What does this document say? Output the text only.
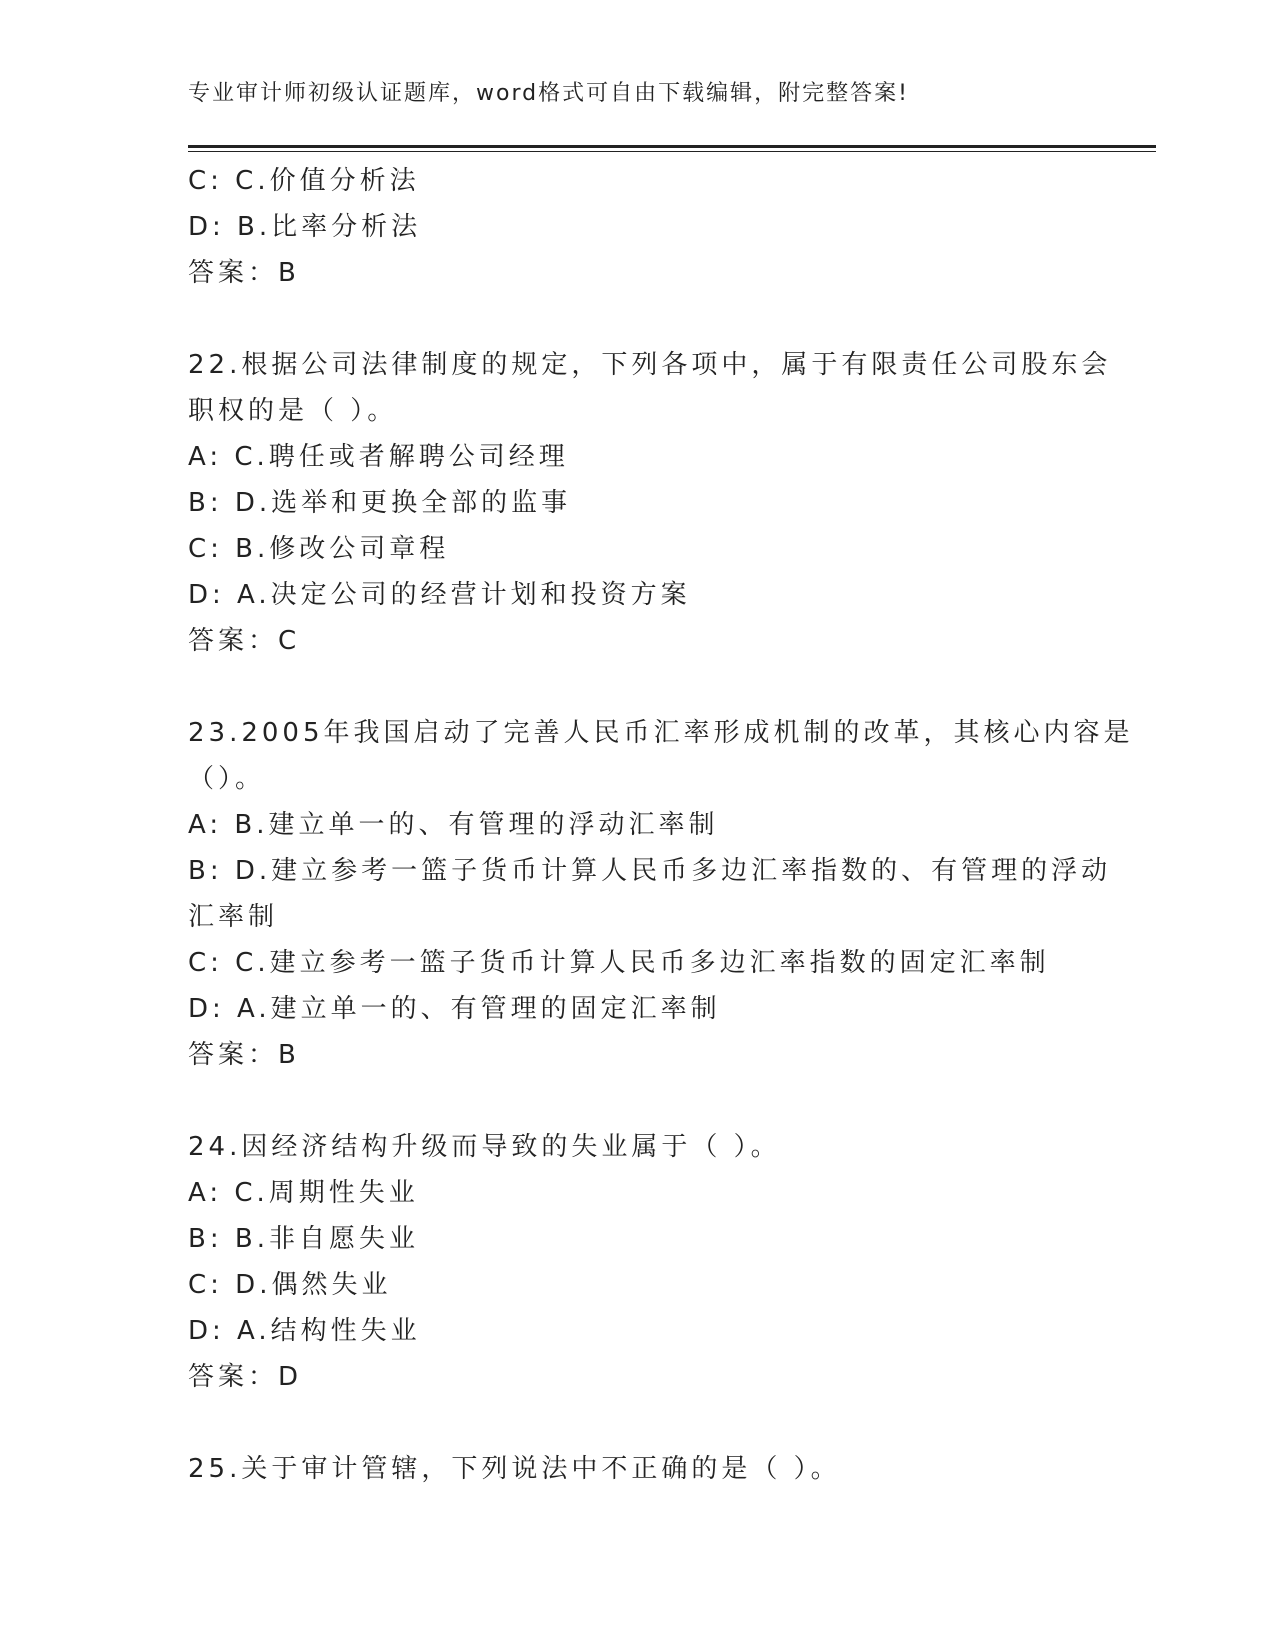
专业审计师初级认证题库，word格式可自由下载编辑，附完整答案!
C: C.价值分析法
D: B.比率分析法
答案：B
22.根据公司法律制度的规定，下列各项中，属于有限责任公司股东会
职权的是（ ）。
A: C.聘任或者解聘公司经理
B: D.选举和更换全部的监事
C: B.修改公司章程
D: A.决定公司的经营计划和投资方案
答案：C
23.2005年我国启动了完善人民币汇率形成机制的改革，其核心内容是
（）。
A: B.建立单一的、有管理的浮动汇率制
B: D.建立参考一篮子货币计算人民币多边汇率指数的、有管理的浮动
汇率制
C: C.建立参考一篮子货币计算人民币多边汇率指数的固定汇率制
D: A.建立单一的、有管理的固定汇率制
答案：B
24.因经济结构升级而导致的失业属于（ ）。
A: C.周期性失业
B: B.非自愿失业
C: D.偶然失业
D: A.结构性失业
答案：D
25.关于审计管辖，下列说法中不正确的是（ ）。
